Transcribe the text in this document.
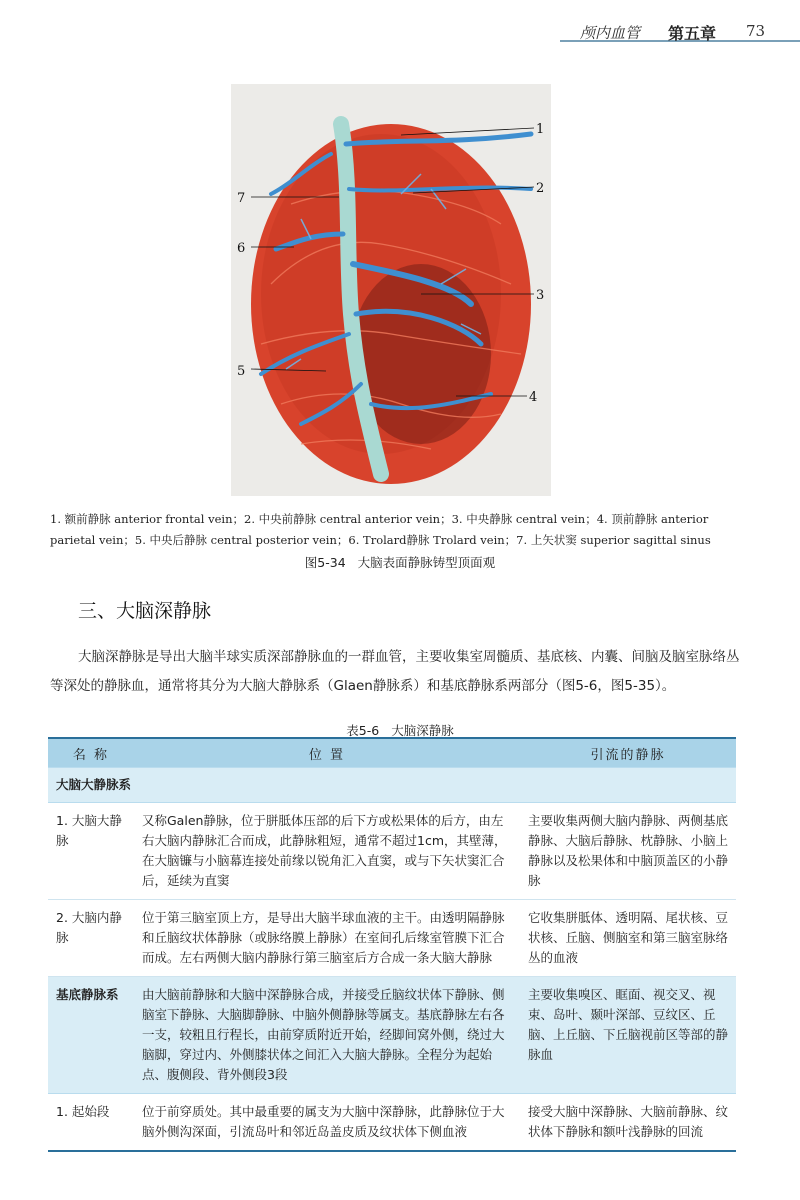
颅内血管 第五章 73
1
2
3
4
5
6
7
1. 额前静脉 anterior frontal vein；2. 中央前静脉 central anterior vein；3. 中央静脉 central vein；4. 顶前静脉 anterior parietal vein；5. 中央后静脉 central posterior vein；6. Trolard静脉 Trolard vein；7. 上矢状窦 superior sagittal sinus
图5-34 大脑表面静脉铸型顶面观
三、大脑深静脉

大脑深静脉是导出大脑半球实质深部静脉血的一群血管，主要收集室周髓质、基底核、内囊、间脑及脑室脉络丛等深处的静脉血，通常将其分为大脑大静脉系（Glaen静脉系）和基底静脉系两部分（图5-6，图5-35）。

表5-6 大脑深静脉
名 称	位 置	引流的静脉
大脑大静脉系		
1. 大脑大静脉	又称Galen静脉，位于胼胝体压部的后下方或松果体的后方，由左右大脑内静脉汇合而成，此静脉粗短，通常不超过1cm，其壁薄，在大脑镰与小脑幕连接处前缘以锐角汇入直窦，或与下矢状窦汇合后，延续为直窦	主要收集两侧大脑内静脉、两侧基底静脉、大脑后静脉、枕静脉、小脑上静脉以及松果体和中脑顶盖区的小静脉
2. 大脑内静脉	位于第三脑室顶上方，是导出大脑半球血液的主干。由透明隔静脉和丘脑纹状体静脉（或脉络膜上静脉）在室间孔后缘室管膜下汇合而成。左右两侧大脑内静脉行第三脑室后方合成一条大脑大静脉	它收集胼胝体、透明隔、尾状核、豆状核、丘脑、侧脑室和第三脑室脉络丛的血液
基底静脉系	由大脑前静脉和大脑中深静脉合成，并接受丘脑纹状体下静脉、侧脑室下静脉、大脑脚静脉、中脑外侧静脉等属支。基底静脉左右各一支，较粗且行程长，由前穿质附近开始，经脚间窝外侧，绕过大脑脚，穿过内、外侧膝状体之间汇入大脑大静脉。全程分为起始点、腹侧段、背外侧段3段	主要收集嗅区、眶面、视交叉、视束、岛叶、颞叶深部、豆纹区、丘脑、上丘脑、下丘脑视前区等部的静脉血
1. 起始段	位于前穿质处。其中最重要的属支为大脑中深静脉，此静脉位于大脑外侧沟深面，引流岛叶和邻近岛盖皮质及纹状体下侧血液	接受大脑中深静脉、大脑前静脉、纹状体下静脉和额叶浅静脉的回流
